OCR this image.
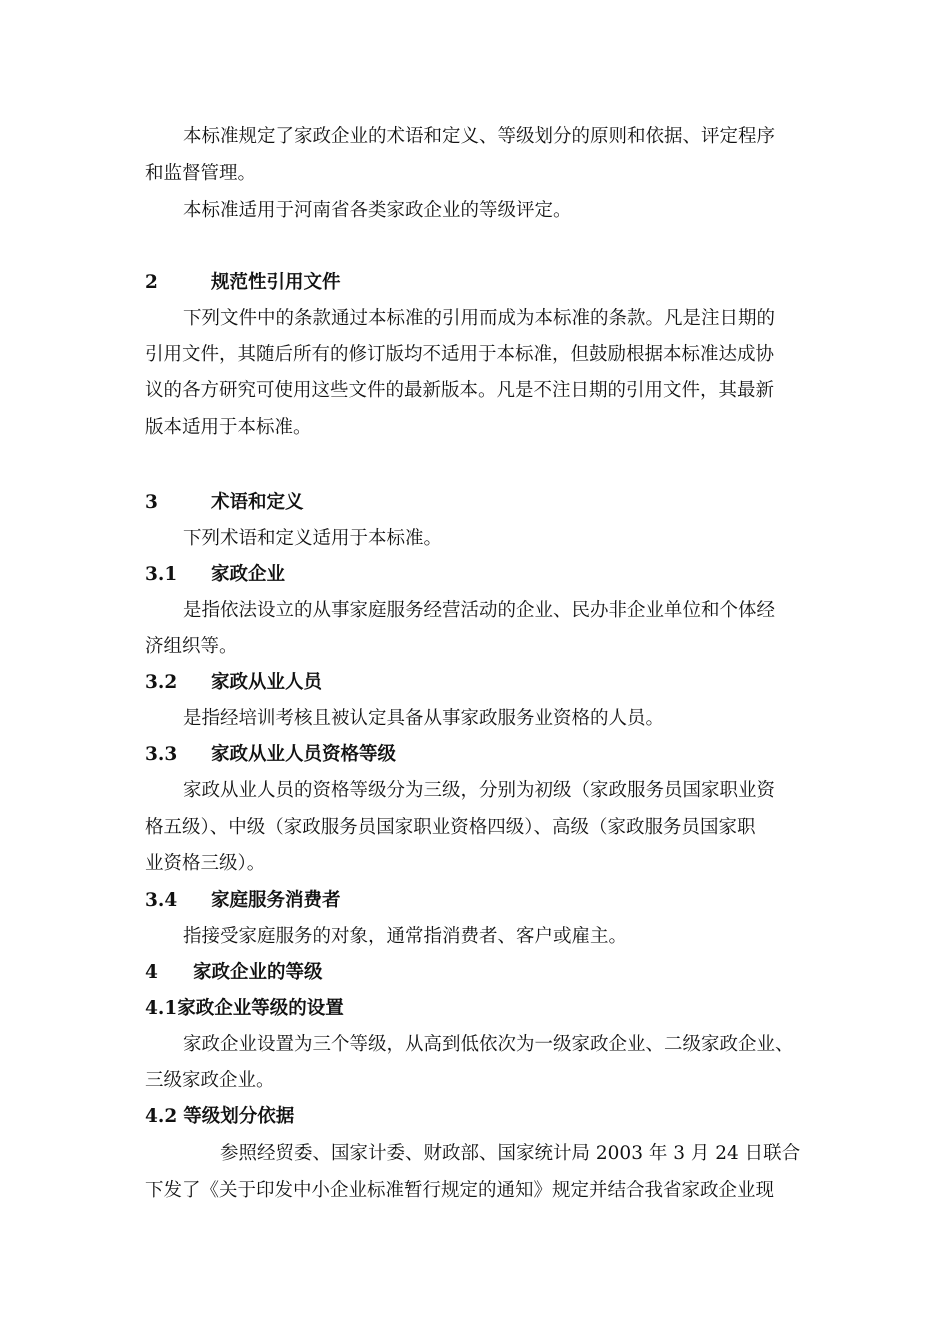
本标准规定了家政企业的术语和定义、等级划分的原则和依据、评定程序
和监督管理。
本标准适用于河南省各类家政企业的等级评定。
2	规范性引用文件
下列文件中的条款通过本标准的引用而成为本标准的条款。凡是注日期的
引用文件，其随后所有的修订版均不适用于本标准，但鼓励根据本标准达成协
议的各方研究可使用这些文件的最新版本。凡是不注日期的引用文件，其最新
版本适用于本标准。
3	术语和定义
下列术语和定义适用于本标准。
3.1 家政企业
是指依法设立的从事家庭服务经营活动的企业、民办非企业单位和个体经
济组织等。
3.2 家政从业人员
是指经培训考核且被认定具备从事家政服务业资格的人员。
3.3 家政从业人员资格等级
家政从业人员的资格等级分为三级，分别为初级（家政服务员国家职业资
格五级）、中级（家政服务员国家职业资格四级）、高级（家政服务员国家职
业资格三级）。
3.4 家庭服务消费者
指接受家庭服务的对象，通常指消费者、客户或雇主。
4 家政企业的等级
4.1家政企业等级的设置
家政企业设置为三个等级，从高到低依次为一级家政企业、二级家政企业、
三级家政企业。
4.2 等级划分依据
参照经贸委、国家计委、财政部、国家统计局 2003 年 3 月 24 日联合
下发了《关于印发中小企业标准暂行规定的通知》规定并结合我省家政企业现
